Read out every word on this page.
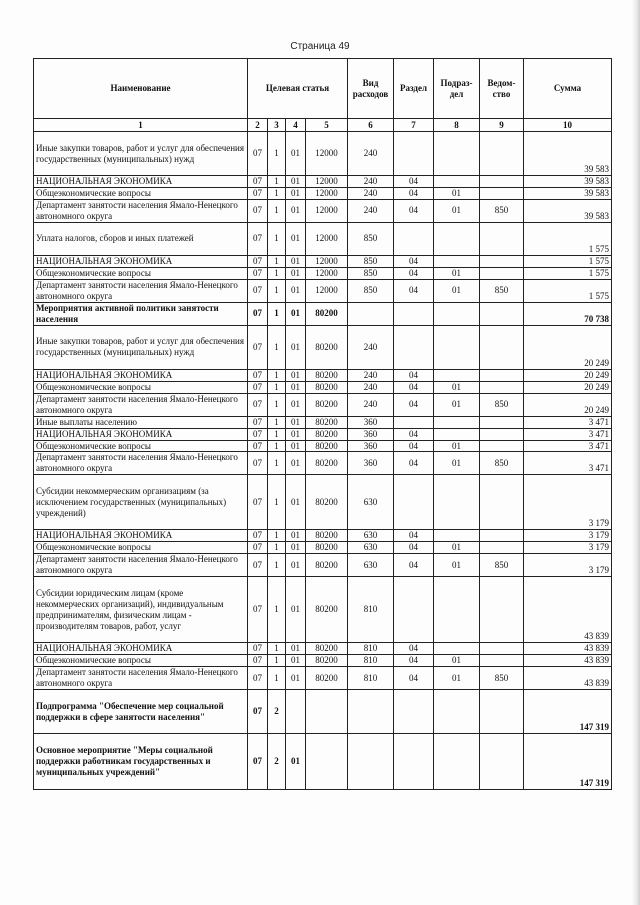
Страница 49
Наименование	Целевая статья				Вид расходов	Раздел	Подраз-дел	Ведом-ство	Сумма
1	2	3	4	5	6	7	8	9	10
Иные закупки товаров, работ и услуг для обеспечения государственных (муниципальных) нужд	07	1	01	12000	240				39 583
НАЦИОНАЛЬНАЯ ЭКОНОМИКА	07	1	01	12000	240	04			39 583
Общеэкономические вопросы	07	1	01	12000	240	04	01		39 583
Департамент занятости населения Ямало-Ненецкого автономного округа	07	1	01	12000	240	04	01	850	39 583
Уплата налогов, сборов и иных платежей	07	1	01	12000	850				1 575
НАЦИОНАЛЬНАЯ ЭКОНОМИКА	07	1	01	12000	850	04			1 575
Общеэкономические вопросы	07	1	01	12000	850	04	01		1 575
Департамент занятости населения Ямало-Ненецкого автономного округа	07	1	01	12000	850	04	01	850	1 575
Мероприятия активной политики занятости населения	07	1	01	80200					70 738
Иные закупки товаров, работ и услуг для обеспечения государственных (муниципальных) нужд	07	1	01	80200	240				20 249
НАЦИОНАЛЬНАЯ ЭКОНОМИКА	07	1	01	80200	240	04			20 249
Общеэкономические вопросы	07	1	01	80200	240	04	01		20 249
Департамент занятости населения Ямало-Ненецкого автономного округа	07	1	01	80200	240	04	01	850	20 249
Иные выплаты населению	07	1	01	80200	360				3 471
НАЦИОНАЛЬНАЯ ЭКОНОМИКА	07	1	01	80200	360	04			3 471
Общеэкономические вопросы	07	1	01	80200	360	04	01		3 471
Департамент занятости населения Ямало-Ненецкого автономного округа	07	1	01	80200	360	04	01	850	3 471
Субсидии некоммерческим организациям (за исключением государственных (муниципальных) учреждений)	07	1	01	80200	630				3 179
НАЦИОНАЛЬНАЯ ЭКОНОМИКА	07	1	01	80200	630	04			3 179
Общеэкономические вопросы	07	1	01	80200	630	04	01		3 179
Департамент занятости населения Ямало-Ненецкого автономного округа	07	1	01	80200	630	04	01	850	3 179
Субсидии юридическим лицам (кроме некоммерческих организаций), индивидуальным предпринимателям, физическим лицам - производителям товаров, работ, услуг	07	1	01	80200	810				43 839
НАЦИОНАЛЬНАЯ ЭКОНОМИКА	07	1	01	80200	810	04			43 839
Общеэкономические вопросы	07	1	01	80200	810	04	01		43 839
Департамент занятости населения Ямало-Ненецкого автономного округа	07	1	01	80200	810	04	01	850	43 839
Подпрограмма "Обеспечение мер социальной поддержки в сфере занятости населения"	07	2							147 319
Основное мероприятие "Меры социальной поддержки работникам государственных и муниципальных учреждений"	07	2	01						147 319
